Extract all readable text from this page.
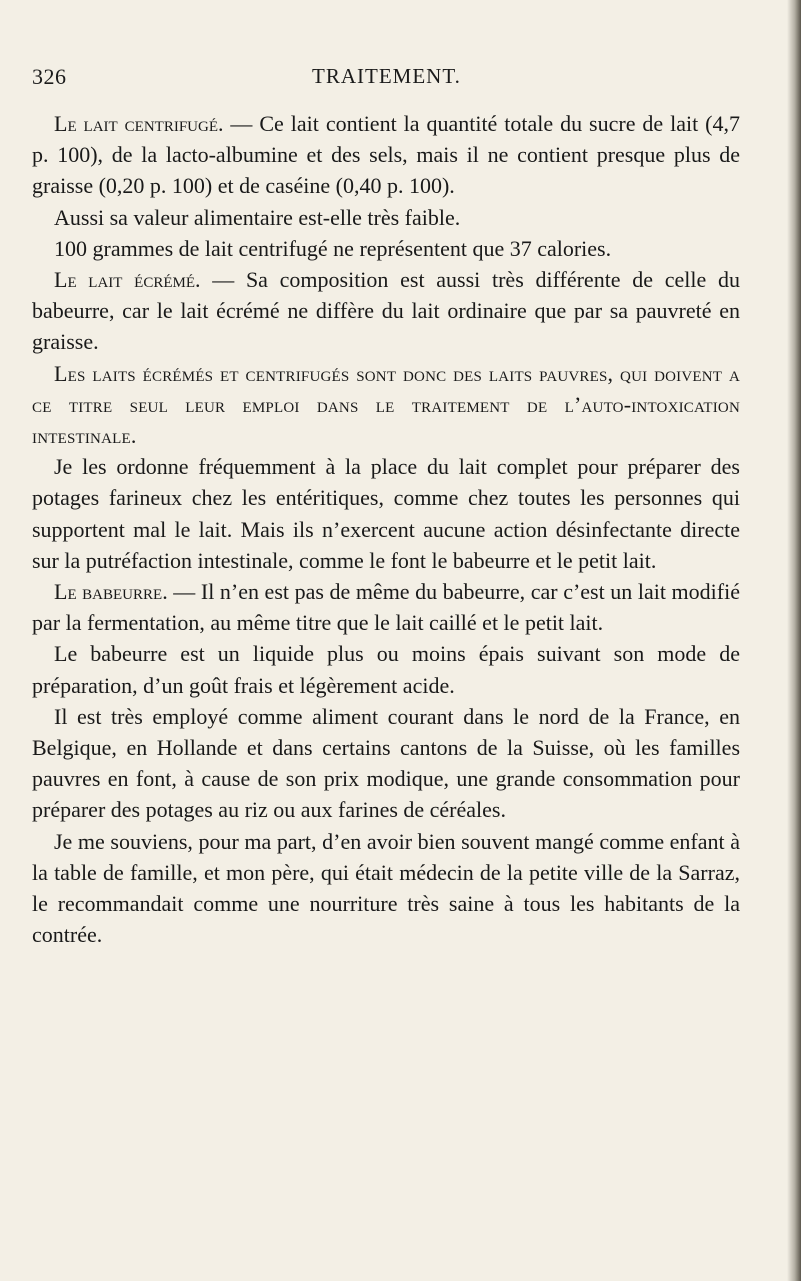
326	TRAITEMENT.

Le lait centrifugé. — Ce lait contient la quantité totale du sucre de lait (4,7 p. 100), de la lacto-albumine et des sels, mais il ne contient presque plus de graisse (0,20 p. 100) et de caséine (0,40 p. 100).

Aussi sa valeur alimentaire est-elle très faible.

100 grammes de lait centrifugé ne représentent que 37 calories.

Le lait écrémé. — Sa composition est aussi très différente de celle du babeurre, car le lait écrémé ne diffère du lait ordinaire que par sa pauvreté en graisse.

Les laits écrémés et centrifugés sont donc des laits pauvres, qui doivent a ce titre seul leur emploi dans le traitement de l’auto-intoxication intestinale.

Je les ordonne fréquemment à la place du lait complet pour préparer des potages farineux chez les entéritiques, comme chez toutes les personnes qui supportent mal le lait. Mais ils n’exercent aucune action désinfectante directe sur la putréfaction intestinale, comme le font le babeurre et le petit lait.

Le babeurre. — Il n’en est pas de même du babeurre, car c’est un lait modifié par la fermentation, au même titre que le lait caillé et le petit lait.

Le babeurre est un liquide plus ou moins épais suivant son mode de préparation, d’un goût frais et légèrement acide.

Il est très employé comme aliment courant dans le nord de la France, en Belgique, en Hollande et dans certains cantons de la Suisse, où les familles pauvres en font, à cause de son prix modique, une grande consommation pour préparer des potages au riz ou aux farines de céréales.

Je me souviens, pour ma part, d’en avoir bien souvent mangé comme enfant à la table de famille, et mon père, qui était médecin de la petite ville de la Sarraz, le recommandait comme une nourriture très saine à tous les habitants de la contrée.
